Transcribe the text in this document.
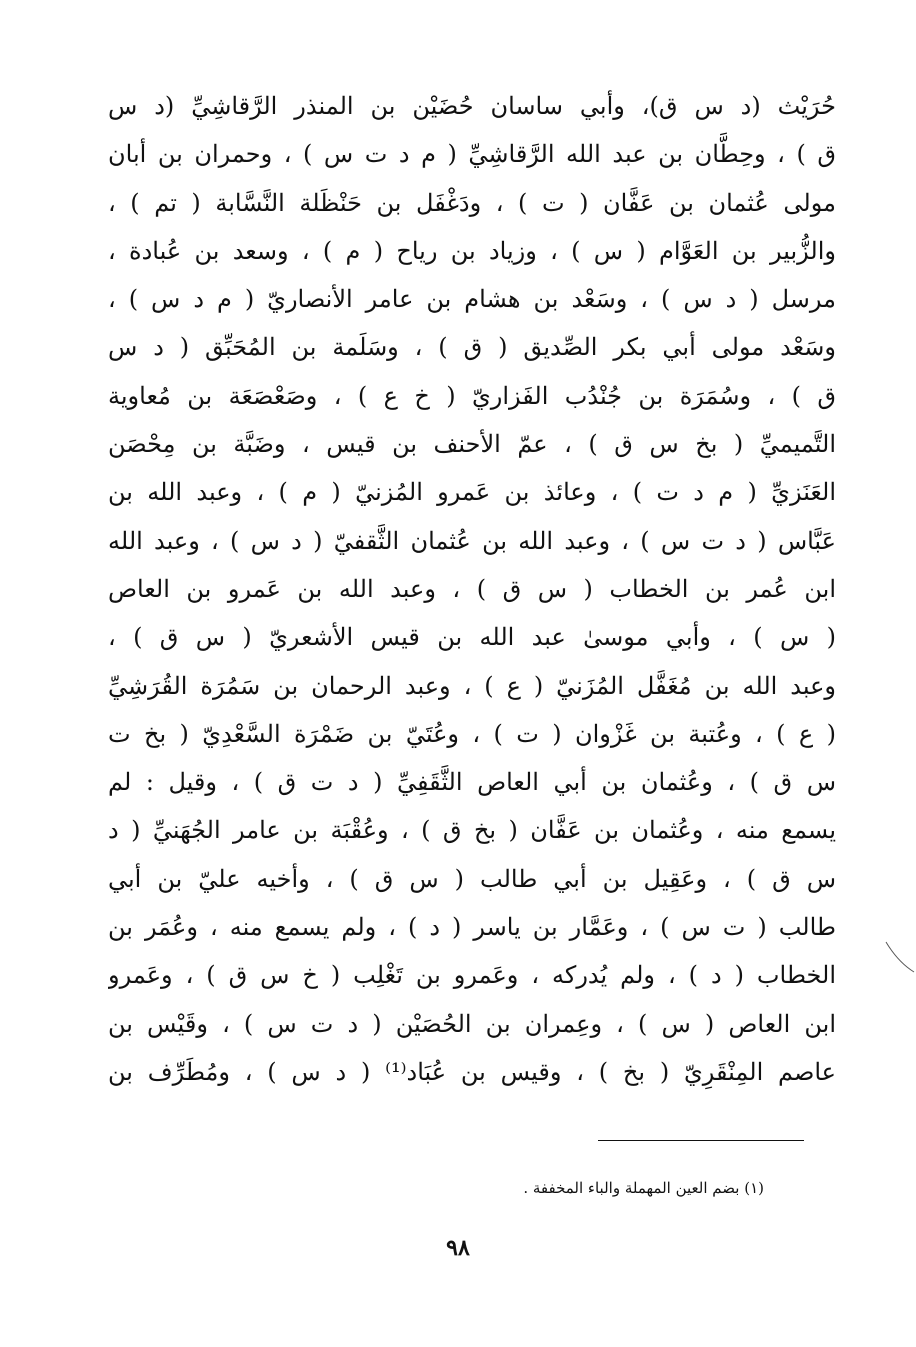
حُرَيْث (د س ق)، وأبي ساسان حُضَيْن بن المنذر الرَّقاشِيِّ (د س
ق ) ، وحِطَّان بن عبد الله الرَّقاشِيِّ ( م د ت س ) ، وحمران بن أبان
مولى عُثمان بن عَفَّان ( ت ) ، ودَغْفَل بن حَنْظَلة النَّسَّابة ( تم ) ،
والزُّبير بن العَوَّام ( س ) ، وزياد بن رياح ( م ) ، وسعد بن عُبادة ،
مرسل ( د س ) ، وسَعْد بن هشام بن عامر الأنصاريّ ( م د س ) ،
وسَعْد مولى أبي بكر الصِّديق ( ق ) ، وسَلَمة بن المُحَبِّق ( د س
ق ) ، وسُمَرَة بن جُنْدُب الفَزاريّ ( خ ع ) ، وصَعْصَعَة بن مُعاوية
التَّميميِّ ( بخ س ق ) ، عمّ الأحنف بن قيس ، وضَبَّة بن مِحْصَن
العَنَزيِّ ( م د ت ) ، وعائذ بن عَمرو المُزنيّ ( م ) ، وعبد الله بن
عَبَّاس ( د ت س ) ، وعبد الله بن عُثمان الثَّقفيّ ( د س ) ، وعبد الله
ابن عُمر بن الخطاب ( س ق ) ، وعبد الله بن عَمرو بن العاص
( س ) ، وأبي موسىٰ عبد الله بن قيس الأشعريّ ( س ق ) ،
وعبد الله بن مُغَفَّل المُزَنيّ ( ع ) ، وعبد الرحمان بن سَمُرَة القُرَشِيِّ
( ع ) ، وعُتبة بن غَزْوان ( ت ) ، وعُتَيّ بن ضَمْرَة السَّعْدِيّ ( بخ ت
س ق ) ، وعُثمان بن أبي العاص الثَّقَفِيِّ ( د ت ق ) ، وقيل : لم
يسمع منه ، وعُثمان بن عَفَّان ( بخ ق ) ، وعُقْبَة بن عامر الجُهَنيِّ ( د
س ق ) ، وعَقِيل بن أبي طالب ( س ق ) ، وأخيه عليّ بن أبي
طالب ( ت س ) ، وعَمَّار بن ياسر ( د ) ، ولم يسمع منه ، وعُمَر بن
الخطاب ( د ) ، ولم يُدركه ، وعَمرو بن تَغْلِب ( خ س ق ) ، وعَمرو
ابن العاص ( س ) ، وعِمران بن الحُصَيْن ( د ت س ) ، وقَيْس بن
عاصم المِنْقَرِيّ ( بخ ) ، وقيس بن عُبَاد⁽¹⁾ ( د س ) ، ومُطَرِّف بن
(١) بضم العين المهملة والباء المخففة .
٩٨
